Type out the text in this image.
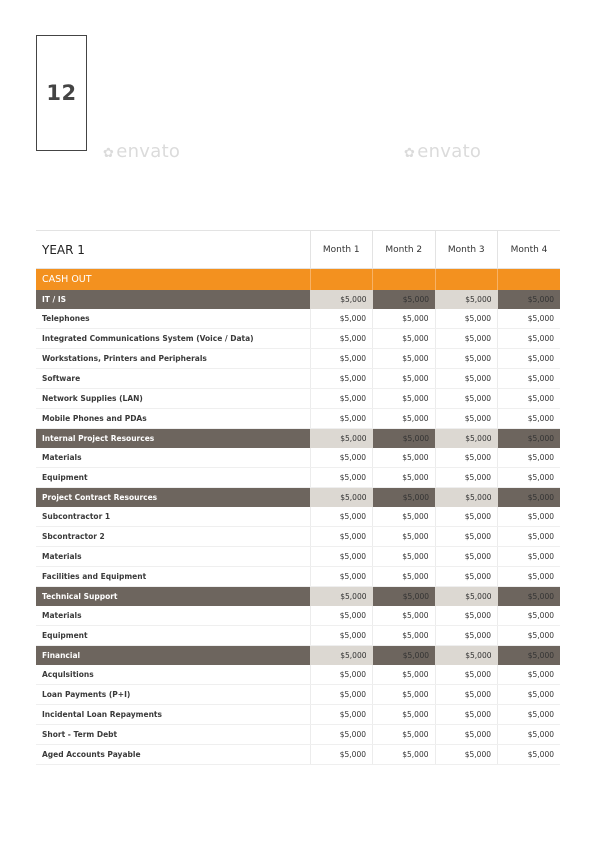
12
✿ envato	✿ envato
YEAR 1	Month 1	Month 2	Month 3	Month 4
CASH OUT				
IT / IS	$5,000	$5,000	$5,000	$5,000
Telephones	$5,000	$5,000	$5,000	$5,000
Integrated Communications System (Voice / Data)	$5,000	$5,000	$5,000	$5,000
Workstations, Printers and Peripherals	$5,000	$5,000	$5,000	$5,000
Software	$5,000	$5,000	$5,000	$5,000
Network Supplies (LAN)	$5,000	$5,000	$5,000	$5,000
Mobile Phones and PDAs	$5,000	$5,000	$5,000	$5,000
Internal Project Resources	$5,000	$5,000	$5,000	$5,000
Materials	$5,000	$5,000	$5,000	$5,000
Equipment	$5,000	$5,000	$5,000	$5,000
Project Contract Resources	$5,000	$5,000	$5,000	$5,000
Subcontractor 1	$5,000	$5,000	$5,000	$5,000
Sbcontractor 2	$5,000	$5,000	$5,000	$5,000
Materials	$5,000	$5,000	$5,000	$5,000
Facilities and Equipment	$5,000	$5,000	$5,000	$5,000
Technical Support	$5,000	$5,000	$5,000	$5,000
Materials	$5,000	$5,000	$5,000	$5,000
Equipment	$5,000	$5,000	$5,000	$5,000
Financial	$5,000	$5,000	$5,000	$5,000
Acqulsitions	$5,000	$5,000	$5,000	$5,000
Loan Payments (P+I)	$5,000	$5,000	$5,000	$5,000
Incidental Loan Repayments	$5,000	$5,000	$5,000	$5,000
Short - Term Debt	$5,000	$5,000	$5,000	$5,000
Aged Accounts Payable	$5,000	$5,000	$5,000	$5,000
